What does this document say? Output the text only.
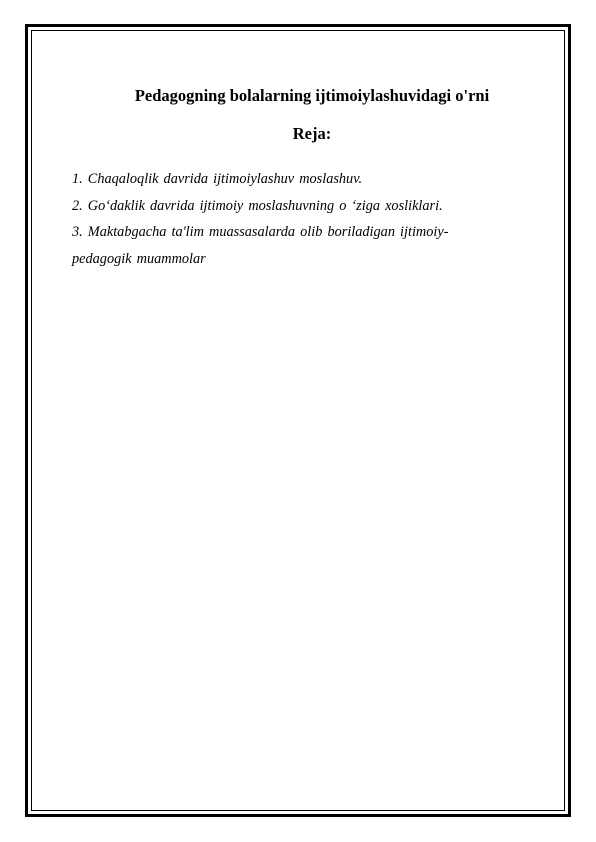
Pedagogning bolalarning ijtimoiylashuvidagi o'rni
Reja:
1. Chaqaloqlik davrida ijtimoiylashuv moslashuv.
2. Go‘daklik davrida ijtimoiy moslashuvning o ‘ziga xosliklari.
3. Maktabgacha ta'lim muassasalarda olib boriladigan ijtimoiy-
pedagogik muammolar
